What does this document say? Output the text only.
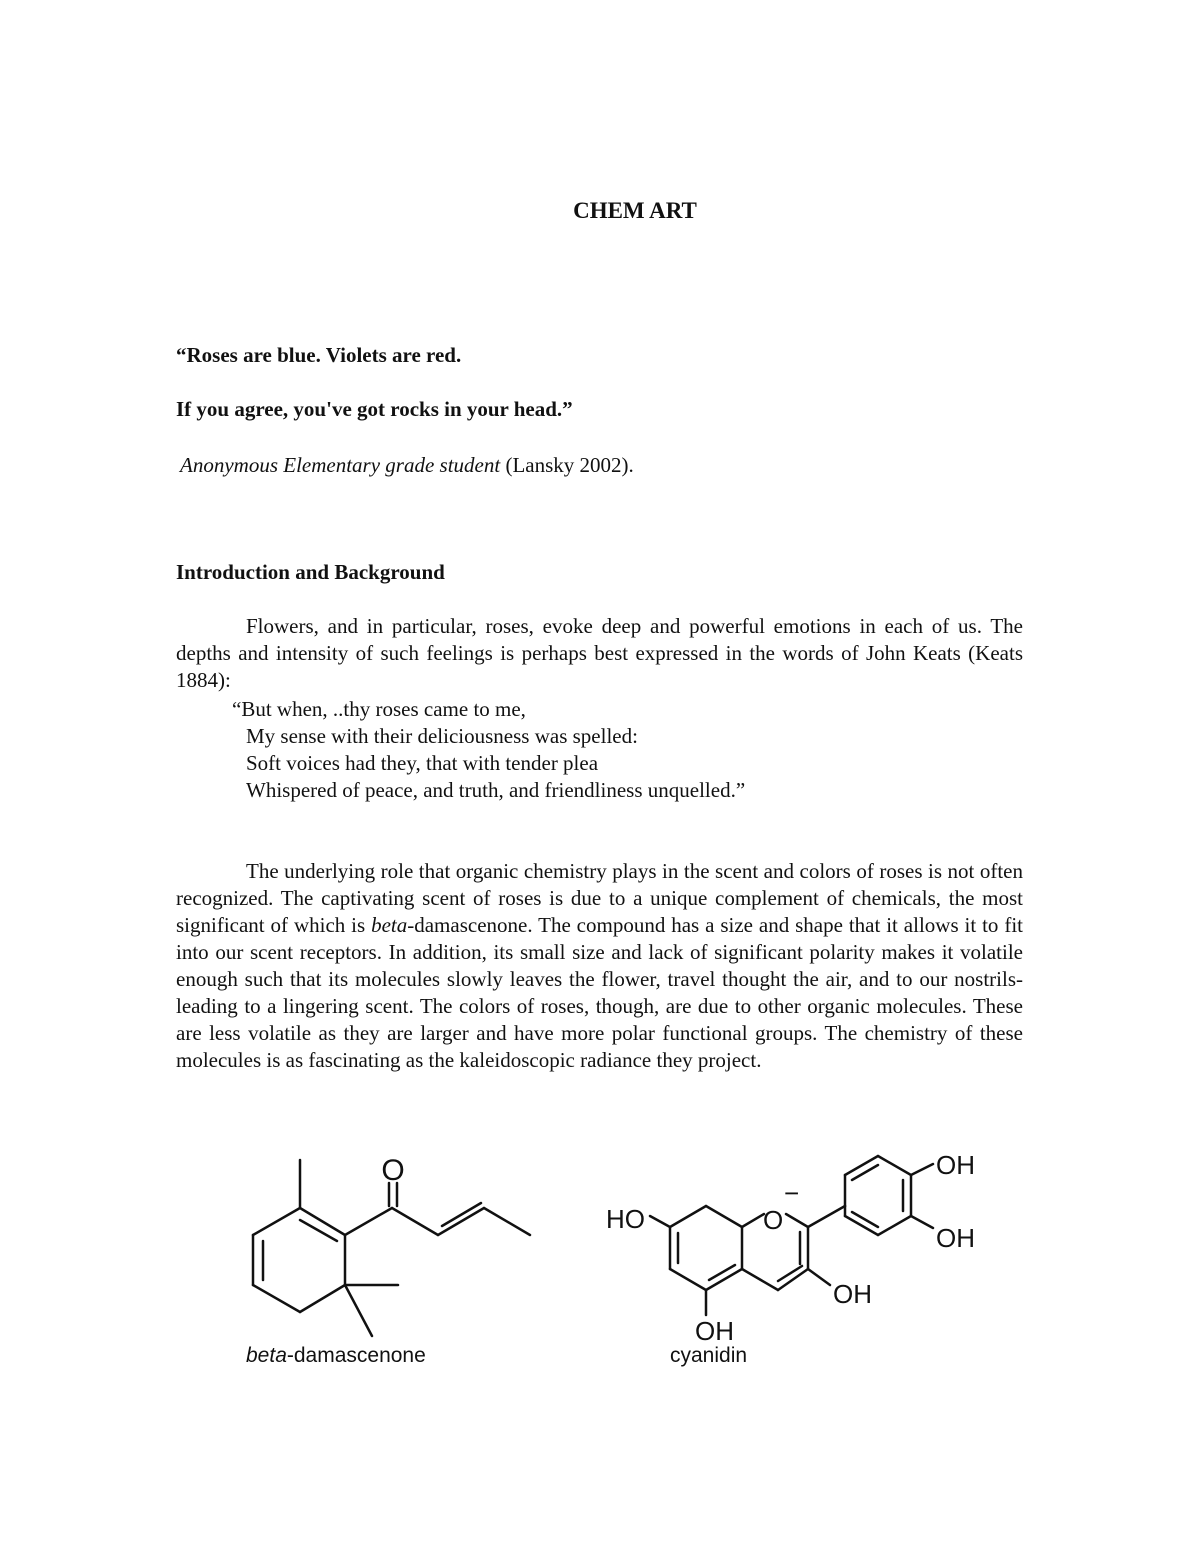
CHEM ART
“Roses are blue. Violets are red.
If you agree, you've got rocks in your head.”
Anonymous Elementary grade student (Lansky 2002).
Introduction and Background
Flowers, and in particular, roses, evoke deep and powerful emotions in each of us. The depths and intensity of such feelings is perhaps best expressed in the words of John Keats (Keats 1884):
“But when, ..thy roses came to me,
My sense with their deliciousness was spelled:
Soft voices had they, that with tender plea
Whispered of peace, and truth, and friendliness unquelled.”
The underlying role that organic chemistry plays in the scent and colors of roses is not often recognized. The captivating scent of roses is due to a unique complement of chemicals, the most significant of which is beta-damascenone. The compound has a size and shape that it allows it to fit into our scent receptors. In addition, its small size and lack of significant polarity makes it volatile enough such that its molecules slowly leaves the flower, travel thought the air, and to our nostrils-leading to a lingering scent. The colors of roses, though, are due to other organic molecules. These are less volatile as they are larger and have more polar functional groups. The chemistry of these molecules is as fascinating as the kaleidoscopic radiance they project.
O
HO	O
−
OH
OH
OH
OH
beta-damascenone	cyanidin
